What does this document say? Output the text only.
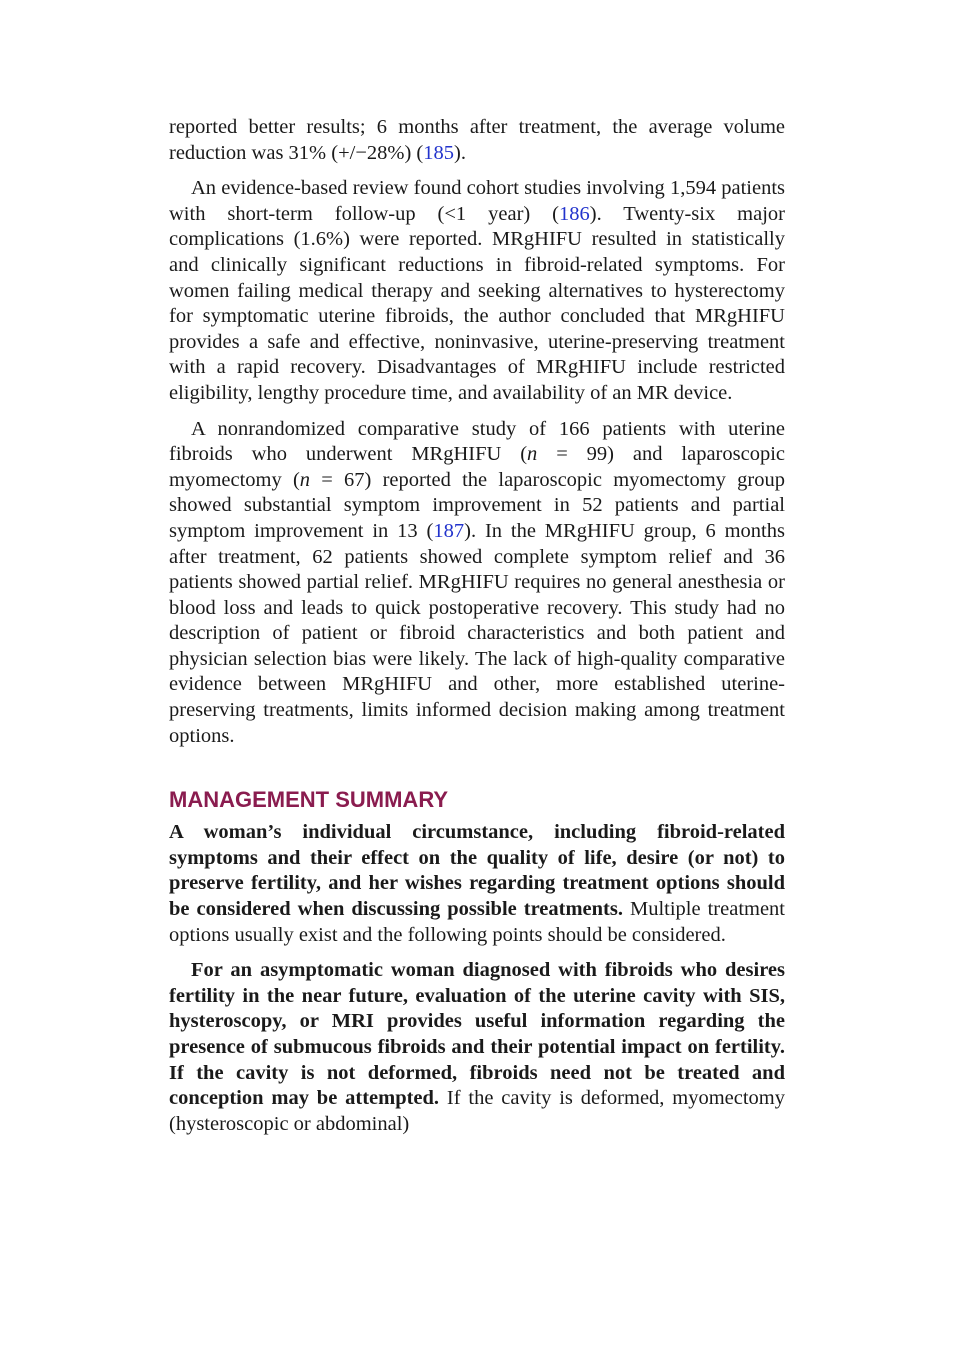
reported better results; 6 months after treatment, the average volume reduction was 31% (+/−28%) (185).

An evidence-based review found cohort studies involving 1,594 patients with short-term follow-up (<1 year) (186). Twenty-six major complications (1.6%) were reported. MRgHIFU resulted in statistically and clinically significant reductions in fibroid-related symptoms. For women failing medical therapy and seeking alternatives to hysterectomy for symptomatic uterine fibroids, the author concluded that MRgHIFU provides a safe and effective, noninvasive, uterine-preserving treatment with a rapid recovery. Disadvantages of MRgHIFU include restricted eligibility, lengthy procedure time, and availability of an MR device.

A nonrandomized comparative study of 166 patients with uterine fibroids who underwent MRgHIFU (n = 99) and laparoscopic myomectomy (n = 67) reported the laparoscopic myomectomy group showed substantial symptom improvement in 52 patients and partial symptom improvement in 13 (187). In the MRgHIFU group, 6 months after treatment, 62 patients showed complete symptom relief and 36 patients showed partial relief. MRgHIFU requires no general anesthesia or blood loss and leads to quick postoperative recovery. This study had no description of patient or fibroid characteristics and both patient and physician selection bias were likely. The lack of high-quality comparative evidence between MRgHIFU and other, more established uterine-preserving treatments, limits informed decision making among treatment options.

MANAGEMENT SUMMARY

A woman’s individual circumstance, including fibroid-related symptoms and their effect on the quality of life, desire (or not) to preserve fertility, and her wishes regarding treatment options should be considered when discussing possible treatments. Multiple treatment options usually exist and the following points should be considered.

For an asymptomatic woman diagnosed with fibroids who desires fertility in the near future, evaluation of the uterine cavity with SIS, hysteroscopy, or MRI provides useful information regarding the presence of submucous fibroids and their potential impact on fertility. If the cavity is not deformed, fibroids need not be treated and conception may be attempted. If the cavity is deformed, myomectomy (hysteroscopic or abdominal)
